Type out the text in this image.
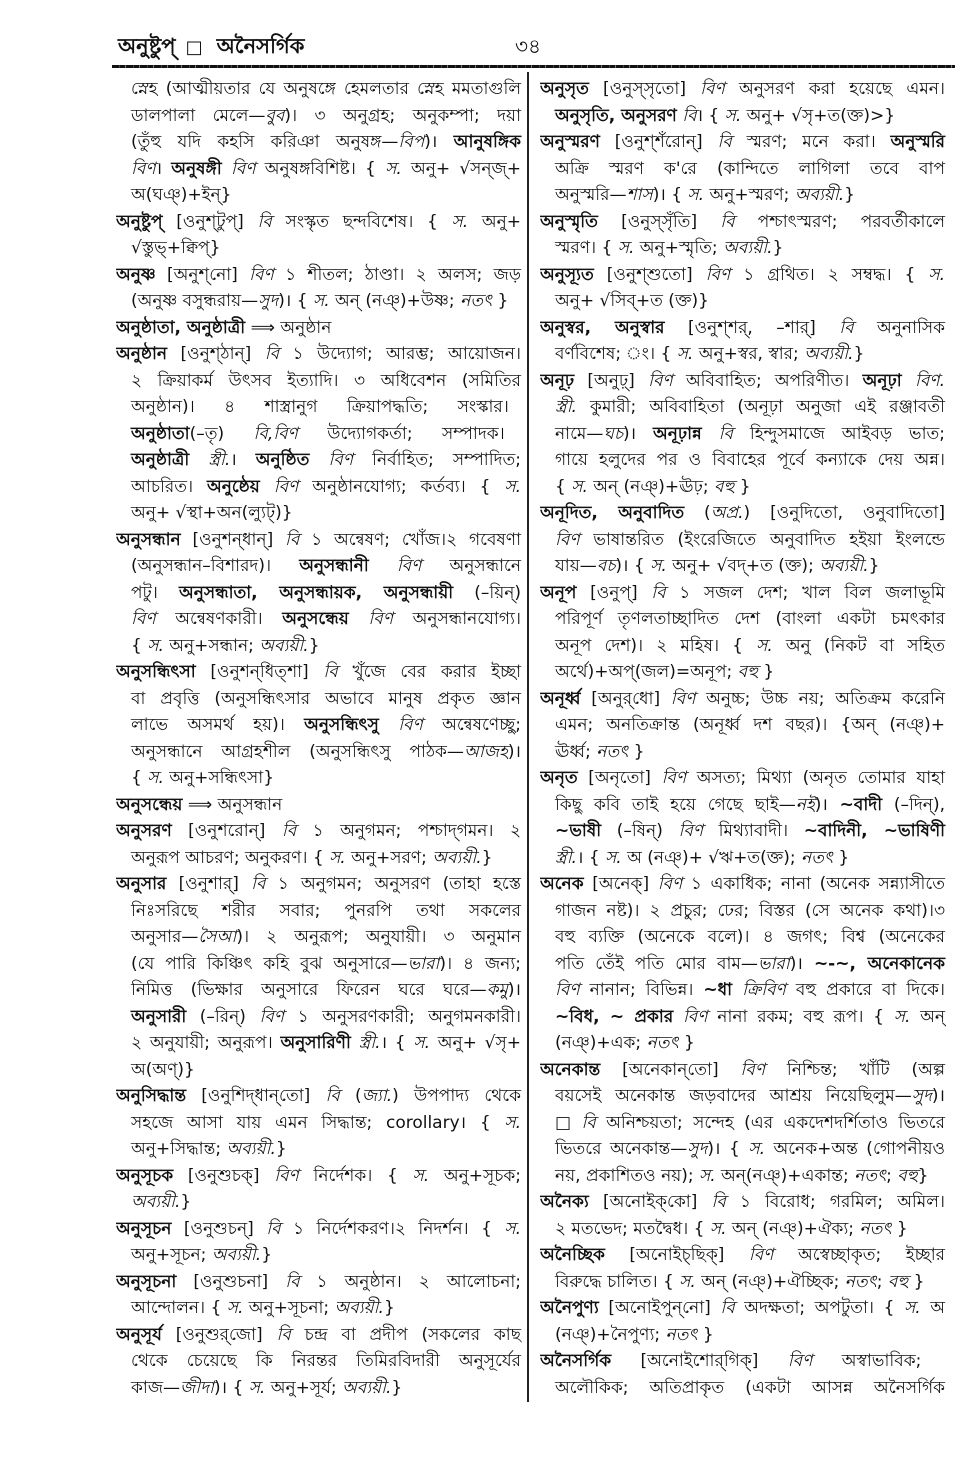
অনুষ্টুপ্ □ অনৈসর্গিক	৩৪
স্নেহ (আত্মীয়তার যে অনুষঙ্গে হেমলতার স্নেহ মমতাগুলি
ডালপালা মেলে—বুব)। ৩ অনুগ্রহ; অনুকম্পা; দয়া
(তুঁহু যদি কহসি করিঞা অনুষঙ্গ—বিপ)। আনুষঙ্গিক
বিণ। অনুষঙ্গী বিণ অনুষঙ্গবিশিষ্ট। { স. অনু+ √সন্‌জ্+
অ(ঘঞ্)+ইন্}
অনুষ্টুপ্ [ওনুশ্‌টুপ্] বি সংস্কৃত ছন্দবিশেষ। { স. অনু+
√স্তুভ্+ক্বিপ্}
অনুষ্ণ [অনুশ্‌নো] বিণ ১ শীতল; ঠাণ্ডা। ২ অলস; জড়
(অনুষ্ণ বসুন্ধরায়—সুদ)। { স. অন্ (নঞ্)+উষ্ণ; নতৎ }
অনুষ্ঠাতা, অনুষ্ঠাত্রী ⟹ অনুষ্ঠান
অনুষ্ঠান [ওনুশ্‌ঠান্] বি ১ উদ্যোগ; আরম্ভ; আয়োজন।
২ ক্রিয়াকর্ম উৎসব ইত্যাদি। ৩ অধিবেশন (সমিতির
অনুষ্ঠান)। ৪ শাস্ত্রানুগ ক্রিয়াপদ্ধতি; সংস্কার।
অনুষ্ঠাতা(–তৃ) বি,বিণ উদ্যোগকর্তা; সম্পাদক।
অনুষ্ঠাত্রী স্ত্রী.। অনুষ্ঠিত বিণ নির্বাহিত; সম্পাদিত;
আচরিত। অনুষ্ঠেয় বিণ অনুষ্ঠানযোগ্য; কর্তব্য। { স.
অনু+ √স্থা+অন(ল্যুট্)}
অনুসন্ধান [ওনুশন্‌ধান্] বি ১ অন্বেষণ; খোঁজ।২ গবেষণা
(অনুসন্ধান–বিশারদ)। অনুসন্ধানী বিণ অনুসন্ধানে
পটু। অনুসন্ধাতা, অনুসন্ধায়ক, অনুসন্ধায়ী (–য়িন্)
বিণ অন্বেষণকারী। অনুসন্ধেয় বিণ অনুসন্ধানযোগ্য।
{ স. অনু+সন্ধান; অব্যয়ী.}
অনুসন্ধিৎসা [ওনুশন্‌ধিত্‌শা] বি খুঁজে বের করার ইচ্ছা
বা প্রবৃত্তি (অনুসন্ধিৎসার অভাবে মানুষ প্রকৃত জ্ঞান
লাভে অসমর্থ হয়)। অনুসন্ধিৎসু বিণ অন্বেষণেচ্ছু;
অনুসন্ধানে আগ্রহশীল (অনুসন্ধিৎসু পাঠক—আজহ)।
{ স. অনু+সন্ধিৎসা}
অনুসন্ধেয় ⟹ অনুসন্ধান
অনুসরণ [ওনুশরোন্] বি ১ অনুগমন; পশ্চাদ্‌গমন। ২
অনুরূপ আচরণ; অনুকরণ। { স. অনু+সরণ; অব্যয়ী.}
অনুসার [ওনুশার্] বি ১ অনুগমন; অনুসরণ (তাহা হস্তে
নিঃসরিছে শরীর সবার; পুনরপি তথা সকলের
অনুসার—সৈআ)। ২ অনুরূপ; অনুযায়ী। ৩ অনুমান
(যে পারি কিঞ্চিৎ কহি বুঝ অনুসারে—ভারা)। ৪ জন্য;
নিমিত্ত (ভিক্ষার অনুসারে ফিরেন ঘরে ঘরে—কমু)।
অনুসারী (–রিন্) বিণ ১ অনুসরণকারী; অনুগমনকারী।
২ অনুযায়ী; অনুরূপ। অনুসারিণী স্ত্রী.। { স. অনু+ √সৃ+
অ(অণ্)}
অনুসিদ্ধান্ত [ওনুশিদ্‌ধান্‌তো] বি (জ্যা.) উপপাদ্য থেকে
সহজে আসা যায় এমন সিদ্ধান্ত; corollary। { স.
অনু+সিদ্ধান্ত; অব্যয়ী.}
অনুসূচক [ওনুশুচক্] বিণ নির্দেশক। { স. অনু+সূচক;
অব্যয়ী.}
অনুসূচন [ওনুশুচন্] বি ১ নির্দেশকরণ।২ নিদর্শন। { স.
অনু+সূচন; অব্যয়ী.}
অনুসূচনা [ওনুশুচনা] বি ১ অনুষ্ঠান। ২ আলোচনা;
আন্দোলন। { স. অনু+সূচনা; অব্যয়ী.}
অনুসূর্য [ওনুশুর্‌জো] বি চন্দ্র বা প্রদীপ (সকলের কাছ
থেকে চেয়েছে কি নিরন্তর তিমিরবিদারী অনুসূর্যের
কাজ—জীদা)। { স. অনু+সূর্য; অব্যয়ী.}
অনুসৃত [ওনুস্‌সৃতো] বিণ অনুসরণ করা হয়েছে এমন।
অনুসৃতি, অনুসরণ বি। { স. অনু+ √সৃ+ত(ক্ত)>}
অনুস্মরণ [ওনুশ্‌শঁরোন্] বি স্মরণ; মনে করা। অনুস্মরি
অক্রি স্মরণ ক'রে (কান্দিতে লাগিলা তবে বাপ
অনুস্মরি—শাস)। { স. অনু+স্মরণ; অব্যয়ী.}
অনুস্মৃতি [ওনুস্‌সৃঁতি] বি পশ্চাৎস্মরণ; পরবর্তীকালে
স্মরণ। { স. অনু+স্মৃতি; অব্যয়ী.}
অনুস্যূত [ওনুশ্‌শুতো] বিণ ১ গ্রথিত। ২ সম্বদ্ধ। { স.
অনু+ √সিব্+ত (ক্ত)}
অনুস্বর, অনুস্বার [ওনুশ্‌শর্, –শার্] বি অনুনাসিক
বর্ণবিশেষ; ং। { স. অনু+স্বর, স্বার; অব্যয়ী.}
অনূঢ় [অনুঢ়্] বিণ অবিবাহিত; অপরিণীত। অনূঢ়া বিণ.
স্ত্রী. কুমারী; অবিবাহিতা (অনূঢ়া অনুজা এই রঞ্জাবতী
নামে—ঘচ)। অনূঢ়ান্ন বি হিন্দুসমাজে আইবড় ভাত;
গায়ে হলুদের পর ও বিবাহের পূর্বে কন্যাকে দেয় অন্ন।
{ স. অন্ (নঞ্)+ঊঢ়; বহু }
অনূদিত, অনুবাদিত (অপ্র.) [ওনুদিতো, ওনুবাদিতো]
বিণ ভাষান্তরিত (ইংরেজিতে অনুবাদিত হইয়া ইংলন্ডে
যায়—বচ)। { স. অনু+ √বদ্+ত (ক্ত); অব্যয়ী.}
অনূপ [ওনুপ্] বি ১ সজল দেশ; খাল বিল জলাভূমি
পরিপূর্ণ তৃণলতাচ্ছাদিত দেশ (বাংলা একটা চমৎকার
অনূপ দেশ)। ২ মহিষ। { স. অনু (নিকট বা সহিত
অর্থে)+অপ্(জল)=অনূপ; বহু }
অনূর্ধ্ব [অনুর্‌ধো] বিণ অনুচ্চ; উচ্চ নয়; অতিক্রম করেনি
এমন; অনতিক্রান্ত (অনূর্ধ্ব দশ বছর)। {অন্ (নঞ্)+
ঊর্ধ্ব; নতৎ }
অনৃত [অনৃতো] বিণ অসত্য; মিথ্যা (অনৃত তোমার যাহা
কিছু কবি তাই হয়ে গেছে ছাই—নই)। ~বাদী (–দিন্),
~ভাষী (–ষিন্) বিণ মিথ্যাবাদী। ~বাদিনী, ~ভাষিণী
স্ত্রী.। { স. অ (নঞ্)+ √ঋ+ত(ক্ত); নতৎ }
অনেক [অনেক্] বিণ ১ একাধিক; নানা (অনেক সন্ন্যাসীতে
গাজন নষ্ট)। ২ প্রচুর; ঢের; বিস্তর (সে অনেক কথা)।৩
বহু ব্যক্তি (অনেকে বলে)। ৪ জগৎ; বিশ্ব (অনেকের
পতি তেঁই পতি মোর বাম—ভারা)। ~-~, অনেকানেক
বিণ নানান; বিভিন্ন। ~ধা ক্রিবিণ বহু প্রকারে বা দিকে।
~বিধ, ~ প্রকার বিণ নানা রকম; বহু রূপ। { স. অন্
(নঞ্)+এক; নতৎ }
অনেকান্ত [অনেকান্‌তো] বিণ নিশ্চিন্ত; খাঁটি (অল্প
বয়সেই অনেকান্ত জড়বাদের আশ্রয় নিয়েছিলুম—সুদ)।
□ বি অনিশ্চয়তা; সন্দেহ (এর একদেশদর্শিতাও ভিতরে
ভিতরে অনেকান্ত—সুদ)। { স. অনেক+অন্ত (গোপনীয়ও
নয়, প্রকাশিতও নয়); স. অন্(নঞ্)+একান্ত; নতৎ; বহু}
অনৈক্য [অনোইক্‌কো] বি ১ বিরোধ; গরমিল; অমিল।
২ মতভেদ; মতদ্বৈধ। { স. অন্ (নঞ্)+ঐক্য; নতৎ }
অনৈচ্ছিক [অনোইচ্‌ছিক্] বিণ অস্বেচ্ছাকৃত; ইচ্ছার
বিরুদ্ধে চালিত। { স. অন্ (নঞ্)+ঐচ্ছিক; নতৎ; বহু }
অনৈপুণ্য [অনোইপুন্‌নো] বি অদক্ষতা; অপটুতা। { স. অ
(নঞ্)+নৈপুণ্য; নতৎ }
অনৈসর্গিক [অনোইশোর্‌গিক্] বিণ অস্বাভাবিক;
অলৌকিক; অতিপ্রাকৃত (একটা আসন্ন অনৈসর্গিক
